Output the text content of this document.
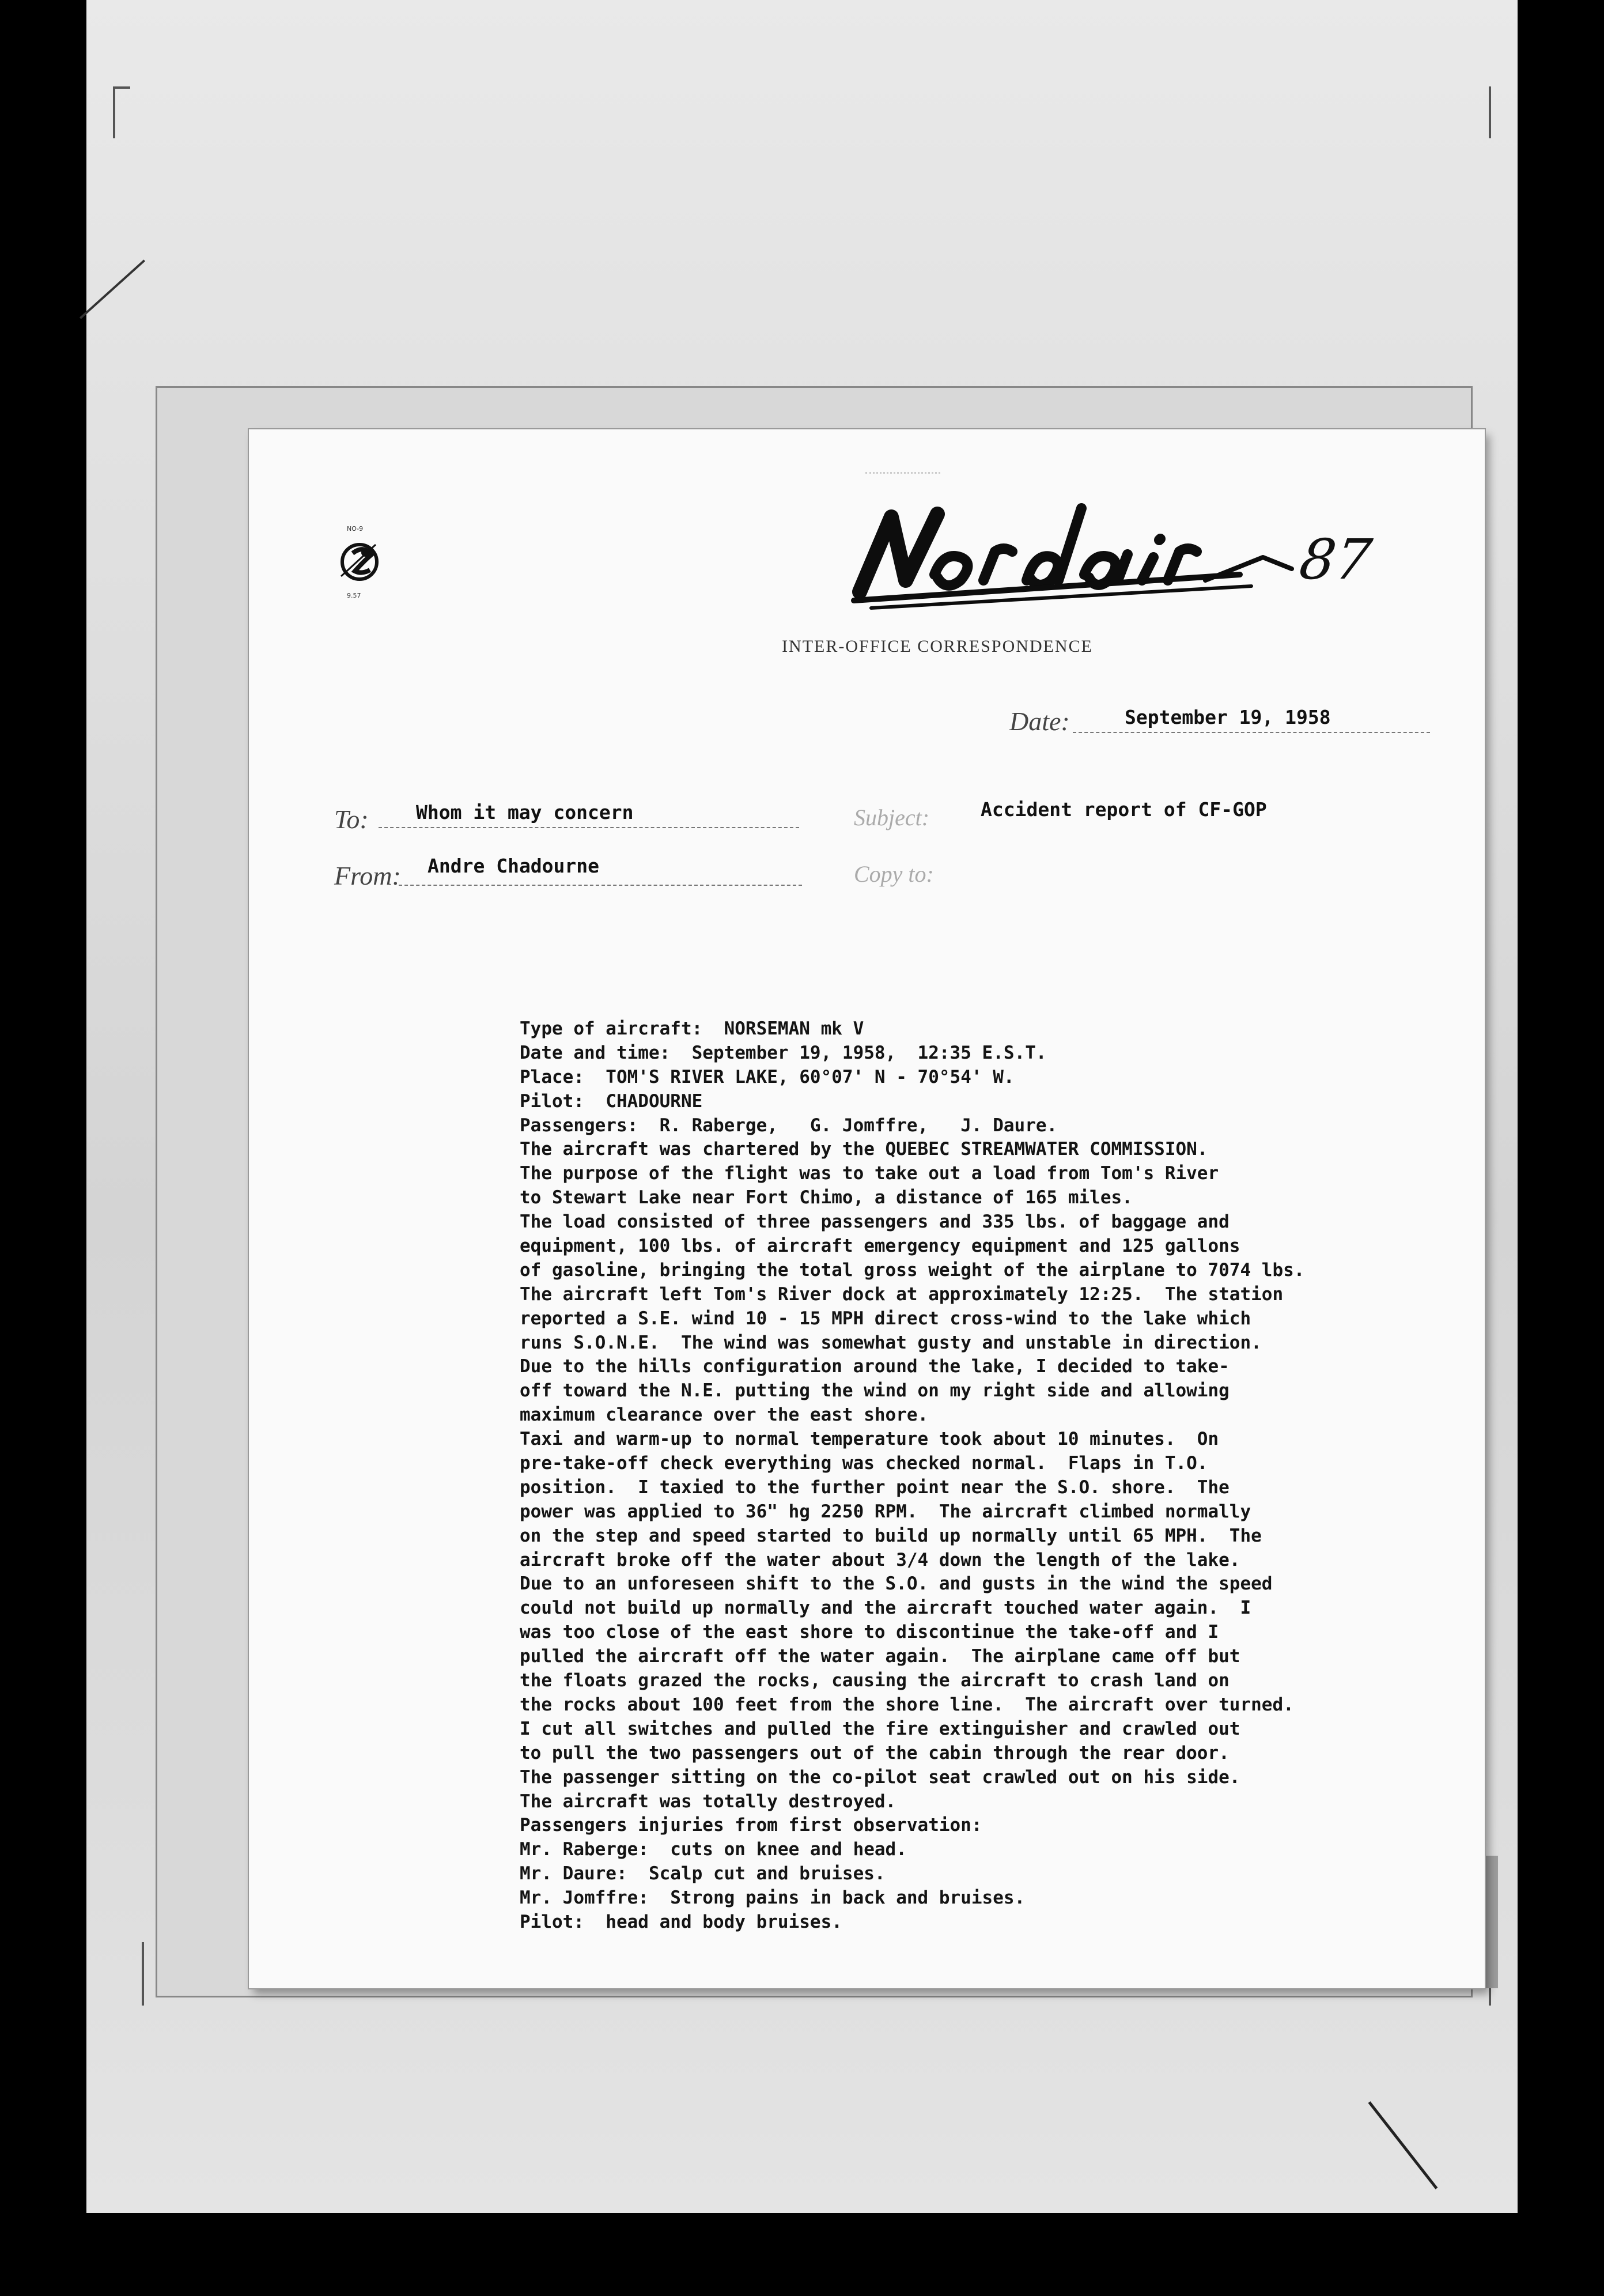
NO-9
9.57
87
INTER-OFFICE CORRESPONDENCE
Date:	September 19, 1958
To: Whom it may concern	Subject:	Accident report of CF-GOP
From: Andre Chadourne	Copy to:
Type of aircraft:  NORSEMAN mk V
Date and time:  September 19, 1958,  12:35 E.S.T.
Place:  TOM'S RIVER LAKE, 60°07' N - 70°54' W.
Pilot:  CHADOURNE
Passengers:  R. Raberge,   G. Jomffre,   J. Daure.
The aircraft was chartered by the QUEBEC STREAMWATER COMMISSION.
The purpose of the flight was to take out a load from Tom's River
to Stewart Lake near Fort Chimo, a distance of 165 miles.
The load consisted of three passengers and 335 lbs. of baggage and
equipment, 100 lbs. of aircraft emergency equipment and 125 gallons
of gasoline, bringing the total gross weight of the airplane to 7074 lbs.
The aircraft left Tom's River dock at approximately 12:25.  The station
reported a S.E. wind 10 - 15 MPH direct cross-wind to the lake which
runs S.O.N.E.  The wind was somewhat gusty and unstable in direction.
Due to the hills configuration around the lake, I decided to take-
off toward the N.E. putting the wind on my right side and allowing
maximum clearance over the east shore.
Taxi and warm-up to normal temperature took about 10 minutes.  On
pre-take-off check everything was checked normal.  Flaps in T.O.
position.  I taxied to the further point near the S.O. shore.  The
power was applied to 36" hg 2250 RPM.  The aircraft climbed normally
on the step and speed started to build up normally until 65 MPH.  The
aircraft broke off the water about 3/4 down the length of the lake.
Due to an unforeseen shift to the S.O. and gusts in the wind the speed
could not build up normally and the aircraft touched water again.  I
was too close of the east shore to discontinue the take-off and I
pulled the aircraft off the water again.  The airplane came off but
the floats grazed the rocks, causing the aircraft to crash land on
the rocks about 100 feet from the shore line.  The aircraft over turned.
I cut all switches and pulled the fire extinguisher and crawled out
to pull the two passengers out of the cabin through the rear door.
The passenger sitting on the co-pilot seat crawled out on his side.
The aircraft was totally destroyed.
Passengers injuries from first observation:
Mr. Raberge:  cuts on knee and head.
Mr. Daure:  Scalp cut and bruises.
Mr. Jomffre:  Strong pains in back and bruises.
Pilot:  head and body bruises.
